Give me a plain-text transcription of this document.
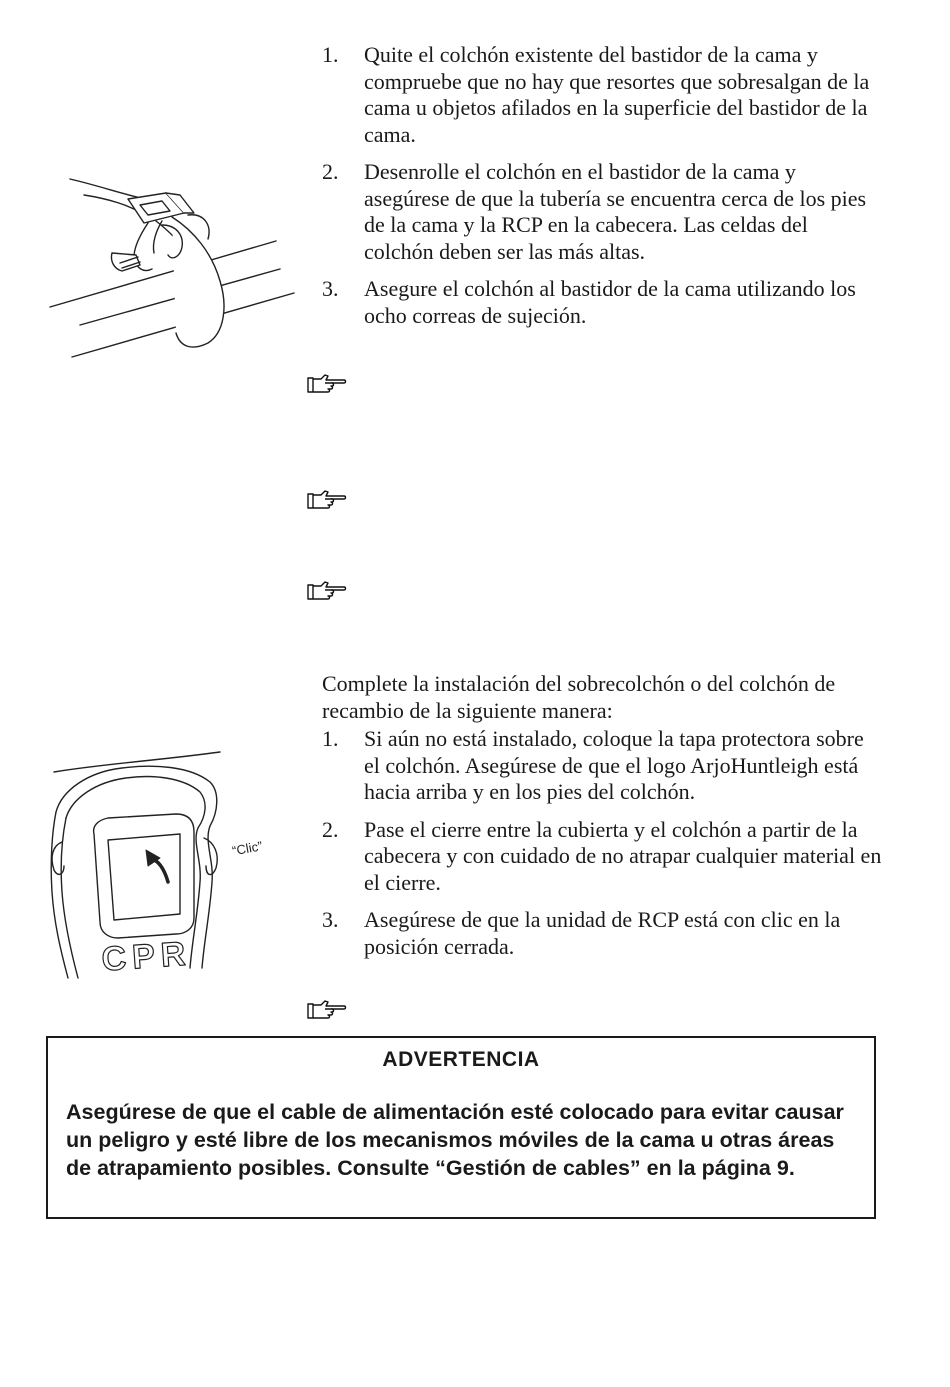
1. Quite el colchón existente del bastidor de la cama y compruebe que no hay que resortes que sobresalgan de la cama u objetos afilados en la superficie del bastidor de la cama.
2. Desenrolle el colchón en el bastidor de la cama y asegúrese de que la tubería se encuentra cerca de los pies de la cama y la RCP en la cabecera. Las celdas del colchón deben ser las más altas.
3. Asegure el colchón al bastidor de la cama utilizando los ocho correas de sujeción.

Complete la instalación del sobrecolchón o del colchón de recambio de la siguiente manera:

1. Si aún no está instalado, coloque la tapa protectora sobre el colchón. Asegúrese de que el logo ArjoHuntleigh está hacia arriba y en los pies del colchón.
2. Pase el cierre entre la cubierta y el colchón a partir de la cabecera y con cuidado de no atrapar cualquier material en el cierre.
3. Asegúrese de que la unidad de RCP está con clic en la posición cerrada.
CPR
“Clic”
ADVERTENCIA

Asegúrese de que el cable de alimentación esté colocado para evitar causar un peligro y esté libre de los mecanismos móviles de la cama u otras áreas de atrapamiento posibles. Consulte “Gestión de cables” en la página 9.
